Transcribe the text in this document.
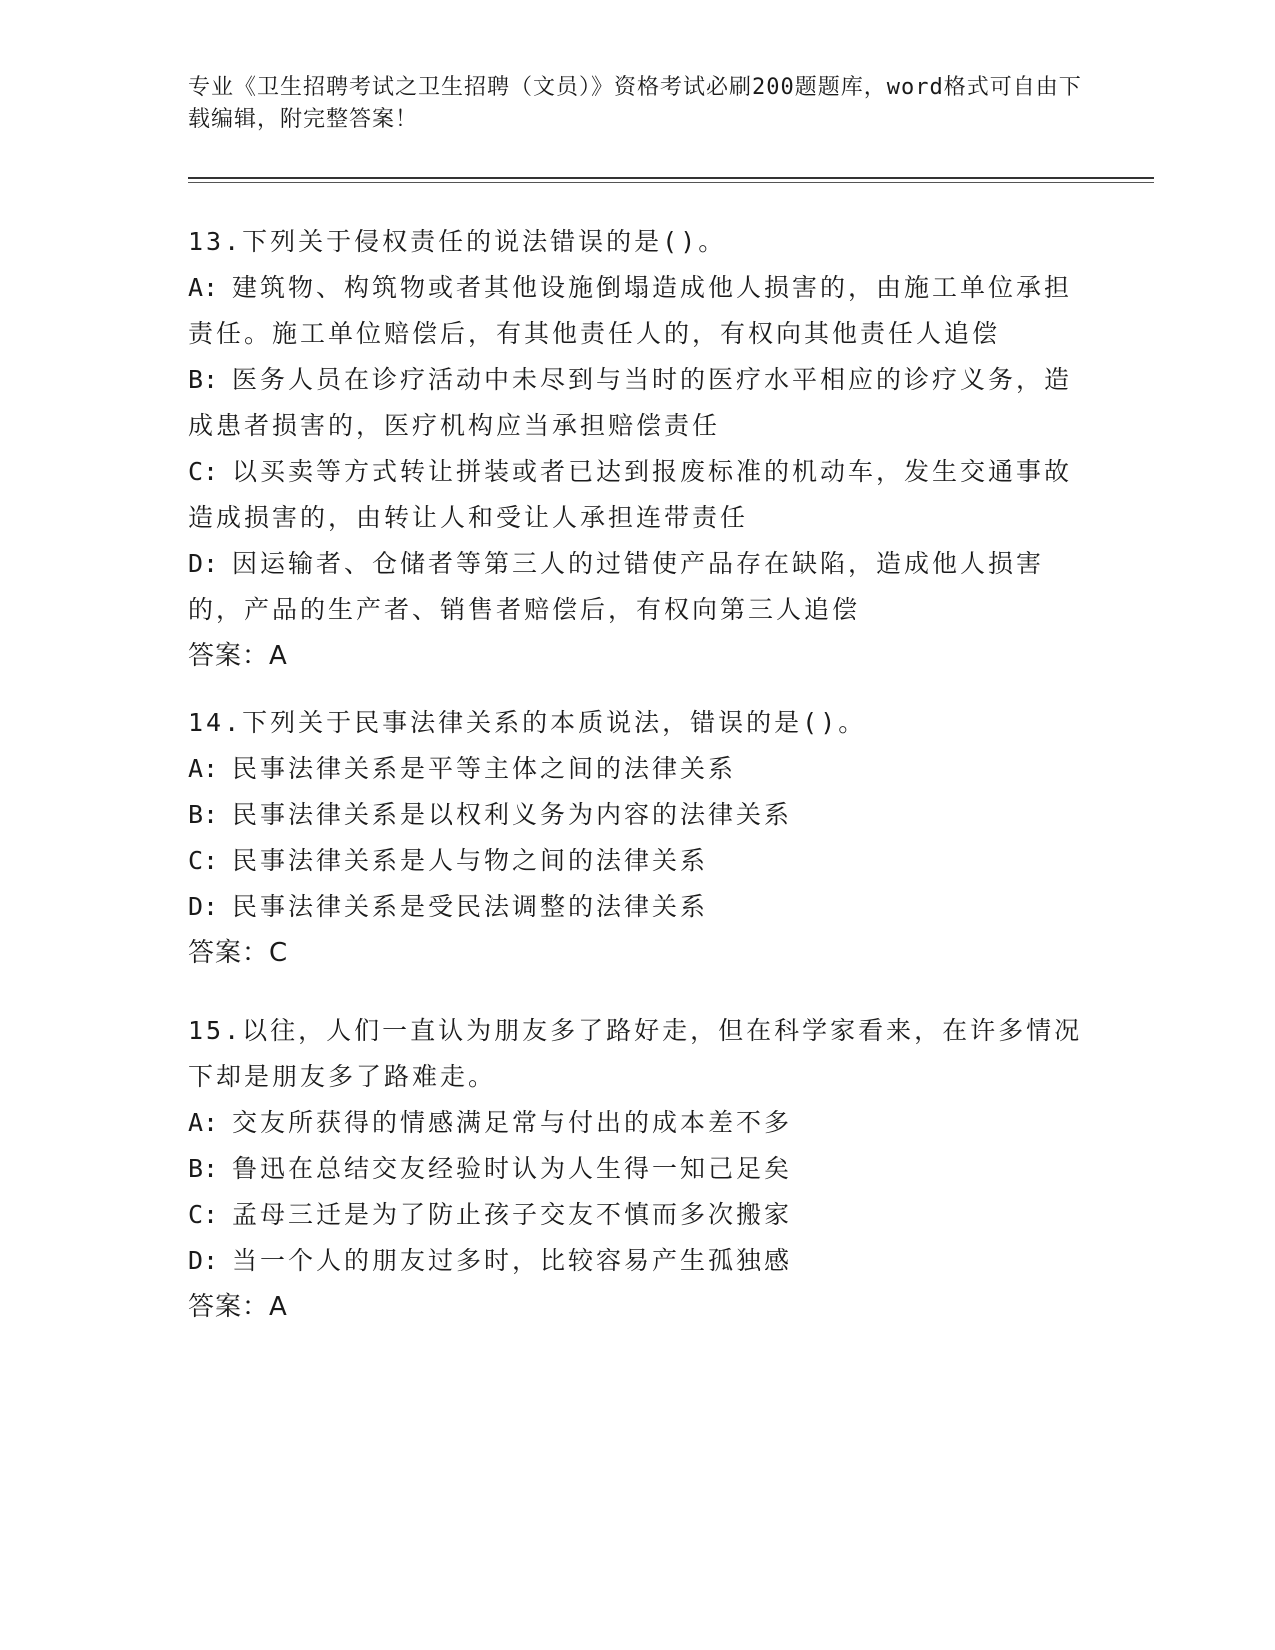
专业《卫生招聘考试之卫生招聘（文员）》资格考试必刷200题题库，word格式可自由下载编辑，附完整答案！

13.下列关于侵权责任的说法错误的是()。

A: 建筑物、构筑物或者其他设施倒塌造成他人损害的，由施工单位承担责任。施工单位赔偿后，有其他责任人的，有权向其他责任人追偿

B: 医务人员在诊疗活动中未尽到与当时的医疗水平相应的诊疗义务，造成患者损害的，医疗机构应当承担赔偿责任

C: 以买卖等方式转让拼装或者已达到报废标准的机动车，发生交通事故造成损害的，由转让人和受让人承担连带责任

D: 因运输者、仓储者等第三人的过错使产品存在缺陷，造成他人损害的，产品的生产者、销售者赔偿后，有权向第三人追偿

答案：A

14.下列关于民事法律关系的本质说法，错误的是()。

A: 民事法律关系是平等主体之间的法律关系

B: 民事法律关系是以权利义务为内容的法律关系

C: 民事法律关系是人与物之间的法律关系

D: 民事法律关系是受民法调整的法律关系

答案：C

15.以往，人们一直认为朋友多了路好走，但在科学家看来，在许多情况下却是朋友多了路难走。

A: 交友所获得的情感满足常与付出的成本差不多

B: 鲁迅在总结交友经验时认为人生得一知己足矣

C: 孟母三迁是为了防止孩子交友不慎而多次搬家

D: 当一个人的朋友过多时，比较容易产生孤独感

答案：A
